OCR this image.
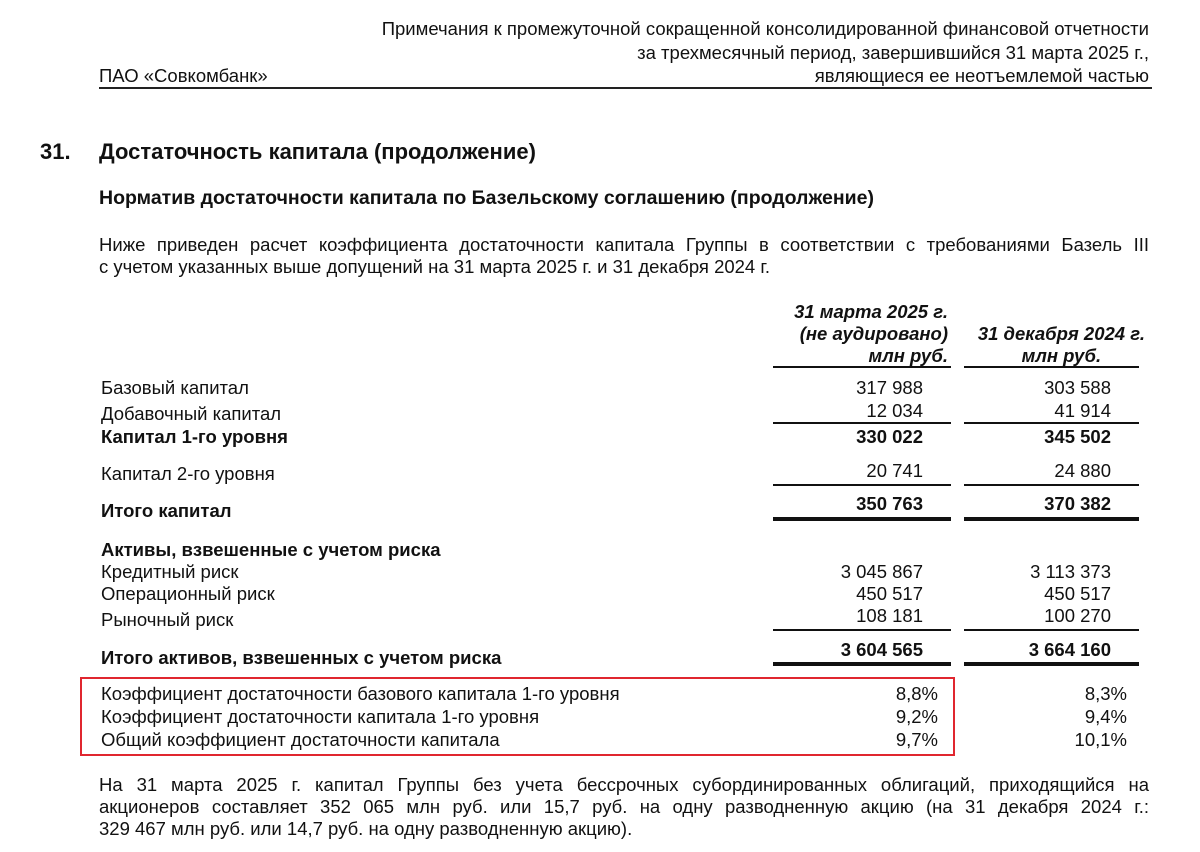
Примечания к промежуточной сокращенной консолидированной финансовой отчетности
за трехмесячный период, завершившийся 31 марта 2025 г.,
являющиеся ее неотъемлемой частью
ПАО «Совкомбанк»
31. Достаточность капитала (продолжение)
Норматив достаточности капитала по Базельскому соглашению (продолжение)
Ниже приведен расчет коэффициента достаточности капитала Группы в соответствии с требованиями Базель III
с учетом указанных выше допущений на 31 марта 2025 г. и 31 декабря 2024 г.
31 марта 2025 г.
(не аудировано)
млн руб.
31 декабря 2024 г.
млн руб.
Базовый капитал	317 988	303 588
Добавочный капитал	12 034	41 914
Капитал 1-го уровня	330 022	345 502
Капитал 2-го уровня	20 741	24 880
Итого капитал	350 763	370 382
Активы, взвешенные с учетом риска
Кредитный риск	3 045 867	3 113 373
Операционный риск	450 517	450 517
Рыночный риск	108 181	100 270
Итого активов, взвешенных с учетом риска	3 604 565	3 664 160
Коэффициент достаточности базового капитала 1-го уровня	8,8%	8,3%
Коэффициент достаточности капитала 1-го уровня	9,2%	9,4%
Общий коэффициент достаточности капитала	9,7%	10,1%
На 31 марта 2025 г. капитал Группы без учета бессрочных субординированных облигаций, приходящийся на
акционеров составляет 352 065 млн руб. или 15,7 руб. на одну разводненную акцию (на 31 декабря 2024 г.:
329 467 млн руб. или 14,7 руб. на одну разводненную акцию).
